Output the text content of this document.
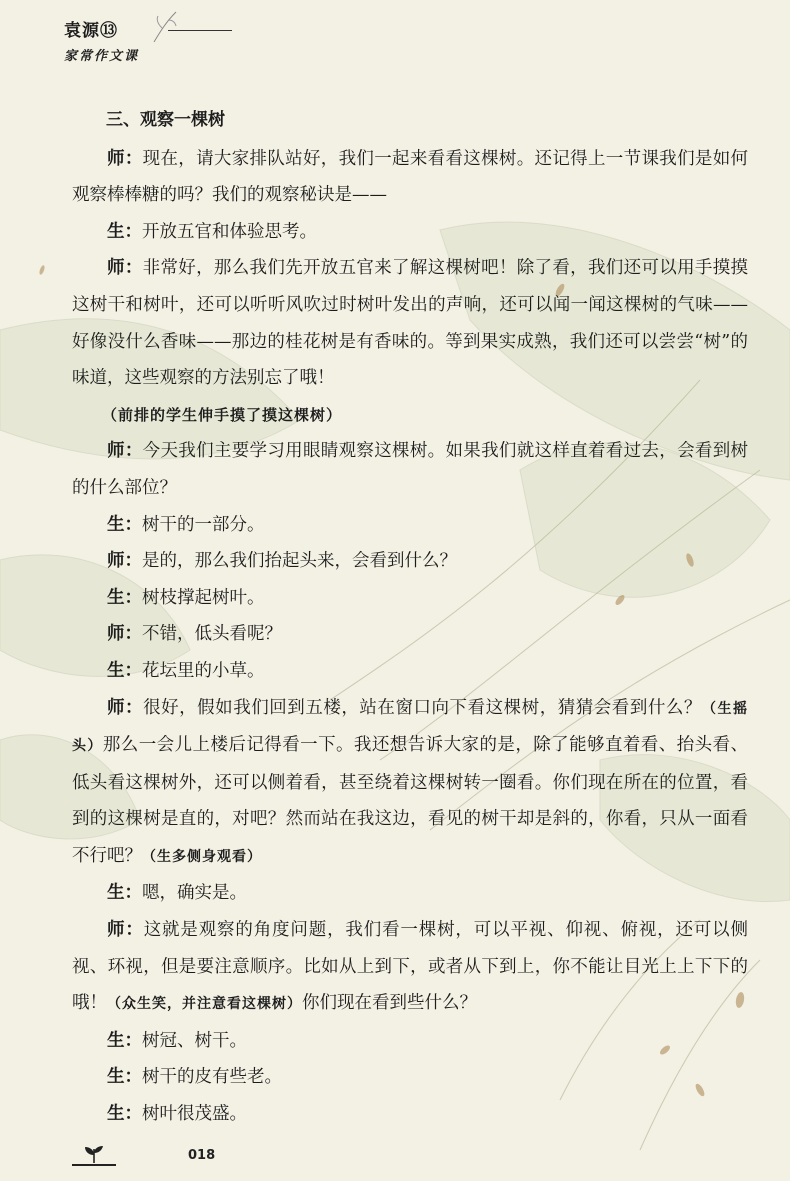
袁源⑬
家常作文课

三、观察一棵树

师：现在，请大家排队站好，我们一起来看看这棵树。还记得上一节课我们是如何观察棒棒糖的吗？我们的观察秘诀是——

生：开放五官和体验思考。

师：非常好，那么我们先开放五官来了解这棵树吧！除了看，我们还可以用手摸摸这树干和树叶，还可以听听风吹过时树叶发出的声响，还可以闻一闻这棵树的气味——好像没什么香味——那边的桂花树是有香味的。等到果实成熟，我们还可以尝尝“树”的味道，这些观察的方法别忘了哦！

（前排的学生伸手摸了摸这棵树）

师：今天我们主要学习用眼睛观察这棵树。如果我们就这样直着看过去，会看到树的什么部位？

生：树干的一部分。

师：是的，那么我们抬起头来，会看到什么？

生：树枝撑起树叶。

师：不错，低头看呢？

生：花坛里的小草。

师：很好，假如我们回到五楼，站在窗口向下看这棵树，猜猜会看到什么？（生摇头）那么一会儿上楼后记得看一下。我还想告诉大家的是，除了能够直着看、抬头看、低头看这棵树外，还可以侧着看，甚至绕着这棵树转一圈看。你们现在所在的位置，看到的这棵树是直的，对吧？然而站在我这边，看见的树干却是斜的，你看，只从一面看不行吧？（生多侧身观看）

生：嗯，确实是。

师：这就是观察的角度问题，我们看一棵树，可以平视、仰视、俯视，还可以侧视、环视，但是要注意顺序。比如从上到下，或者从下到上，你不能让目光上上下下的哦！（众生笑，并注意看这棵树）你们现在看到些什么？

生：树冠、树干。

生：树干的皮有些老。

生：树叶很茂盛。

018
